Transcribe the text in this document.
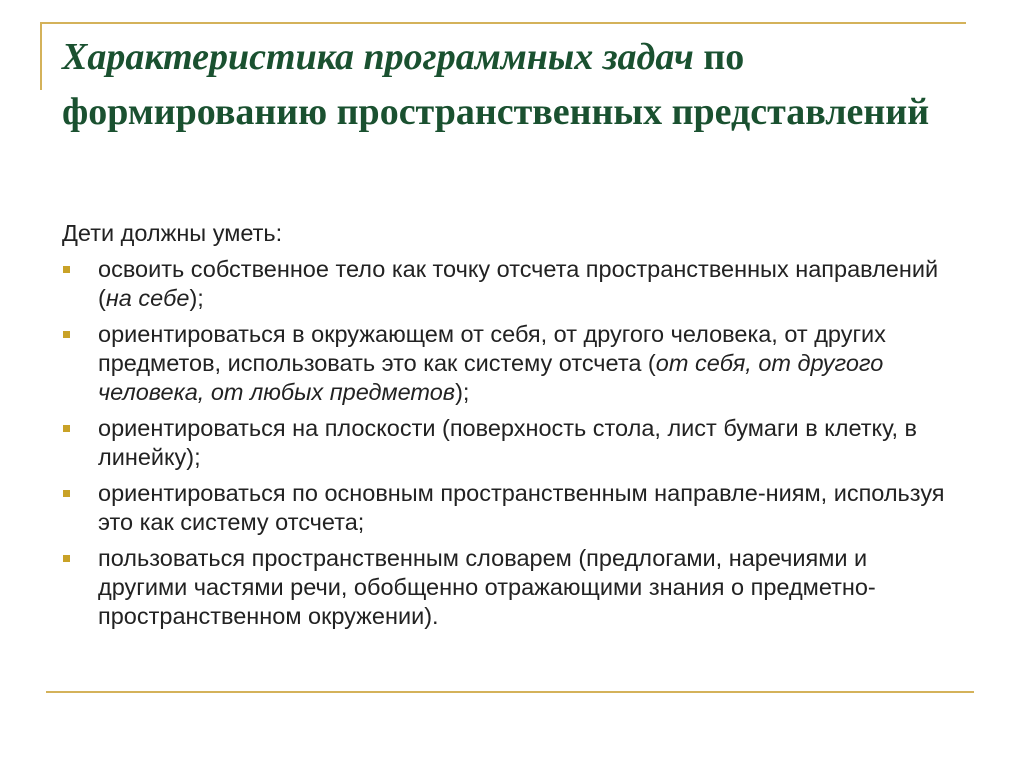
Характеристика программных задач по формированию пространственных представлений

Дети должны уметь:

освоить собственное тело как точку отсчета пространственных направлений (на себе);
ориентироваться в окружающем от себя, от другого человека, от других предметов, использовать это как систему отсчета (от себя, от другого человека, от любых предметов);
ориентироваться на плоскости (поверхность стола, лист бумаги в клетку, в линейку);
ориентироваться по основным пространственным направле-ниям, используя это как систему отсчета;
пользоваться пространственным словарем (предлогами, наречиями и другими частями речи, обобщенно отражающими знания о предметно-пространственном окружении).
